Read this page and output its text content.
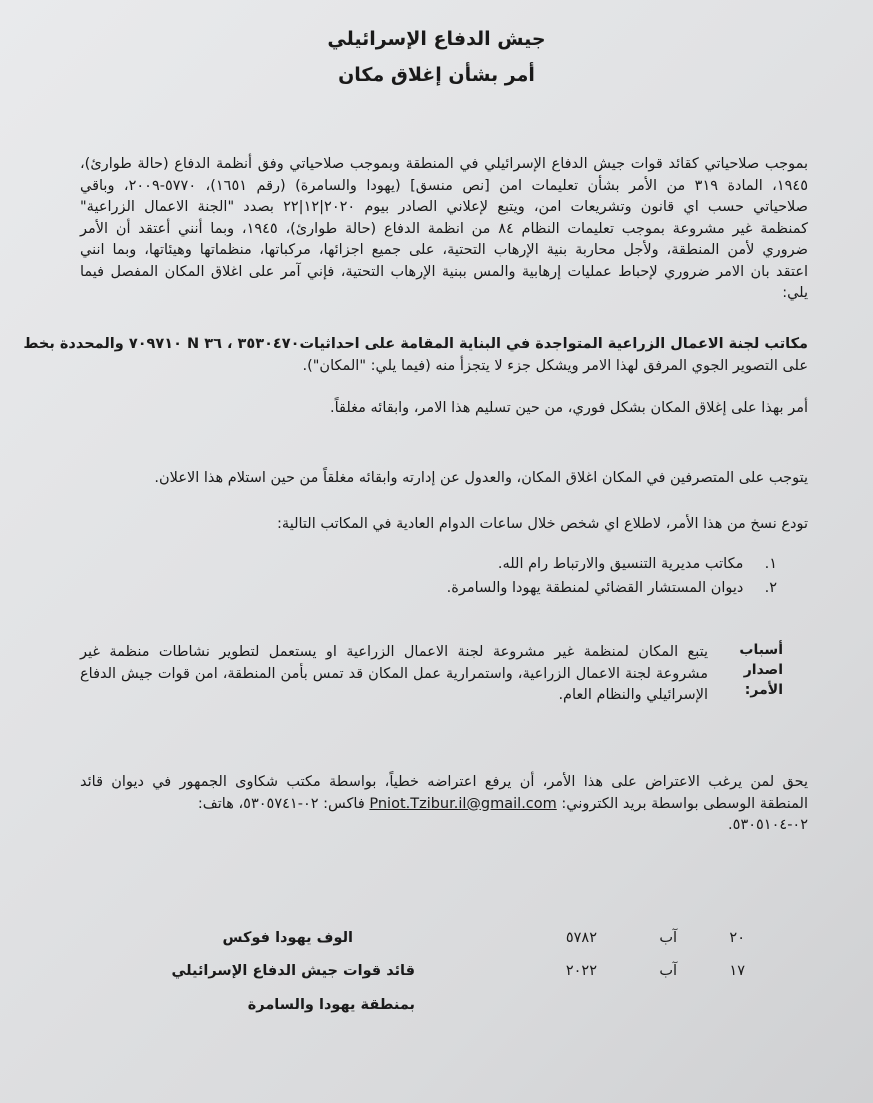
جيش الدفاع الإسرائيلي
أمر بشأن إغلاق مكان
بموجب صلاحياتي كقائد قوات جيش الدفاع الإسرائيلي في المنطقة وبموجب صلاحياتي وفق أنظمة الدفاع (حالة طوارئ)،
١٩٤٥، المادة ٣١٩ من الأمر بشأن تعليمات امن [نص منسق] (يهودا والسامرة) (رقم ١٦٥١)، ٥٧٧٠-٢٠٠٩، وباقي
صلاحياتي حسب اي قانون وتشريعات امن، ويتبع لإعلاني الصادر بيوم ٢٠٢٠|١٢|٢٢ بصدد "الجنة الاعمال الزراعية"
كمنظمة غير مشروعة بموجب تعليمات النظام ٨٤ من انظمة الدفاع (حالة طوارئ)، ١٩٤٥، وبما أنني أعتقد أن الأمر
ضروري لأمن المنطقة، ولأجل محاربة بنية الإرهاب التحتية، على جميع اجزائها، مركباتها، منظماتها وهيئاتها، وبما انني
اعتقد بان الامر ضروري لإحباط عمليات إرهابية والمس ببنية الإرهاب التحتية، فإني آمر على اغلاق المكان المفصل فيما
يلي:
مكاتب لجنة الاعمال الزراعية المتواجدة في البناية المقامة على احداثيات٣٥٣٠٤٧٠ ، ٣٦ N ٧٠٩٧١٠ والمحددة بخط
على التصوير الجوي المرفق لهذا الامر ويشكل جزء لا يتجزأ منه (فيما يلي: "المكان").
أمر بهذا على إغلاق المكان بشكل فوري، من حين تسليم هذا الامر، وابقائه مغلقاً.
يتوجب على المتصرفين في المكان اغلاق المكان، والعدول عن إدارته وابقائه مغلقاً من حين استلام هذا الاعلان.
تودع نسخ من هذا الأمر، لاطلاع اي شخص خلال ساعات الدوام العادية في المكاتب التالية:
١.  مكاتب مديرية التنسيق والارتباط رام الله.
٢.  ديوان المستشار القضائي لمنطقة يهودا والسامرة.
أسباب
اصدار
الأمر:
يتبع المكان لمنظمة غير مشروعة لجنة الاعمال الزراعية او يستعمل لتطوير نشاطات منظمة غير
مشروعة لجنة الاعمال الزراعية، واستمرارية عمل المكان قد تمس بأمن المنطقة، امن قوات جيش الدفاع
الإسرائيلي والنظام العام.
يحق لمن يرغب الاعتراض على هذا الأمر، أن يرفع اعتراضه خطياً، بواسطة مكتب شكاوى الجمهور في ديوان قائد
المنطقة الوسطى بواسطة بريد الكتروني: Pniot.Tzibur.il@gmail.com فاكس: ٠٢-٥٣٠٥٧٤١، هاتف:
٠٢-٥٣٠٥١٠٤.
٢٠
آب
٥٧٨٢
الوف يهودا فوكس
١٧
آب
٢٠٢٢
قائد قوات جيش الدفاع الإسرائيلي
بمنطقة يهودا والسامرة
